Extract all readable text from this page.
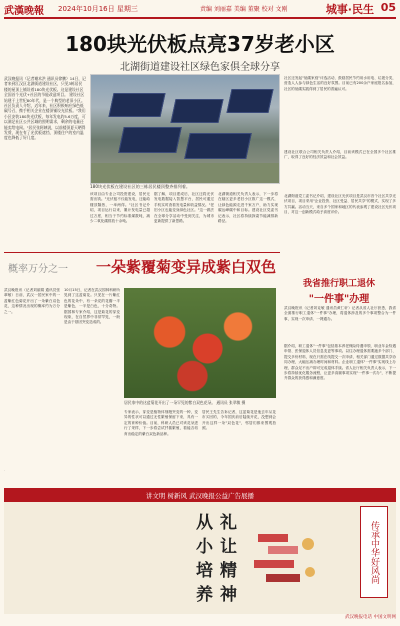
武漢晚報 2024年10月16日 星期三	责编 刘丽嘉 美编 董聚 校对 文刚	城事·民生 05
180块光伏板点亮37岁老小区
北湖街道建设社区绿色家俱全球分享
武汉晚报讯（记者谢术洪 通讯员徐鹏）14日，记者来到江汉区北湖街道建设社区，只见3栋居民楼的屋顶上铺设着180块光伏板。这是建设社区全国首个光伏+社区的节能改造项目。 建设社区始建于上世纪80年代，是一个典型的老旧小区。社区负责人介绍，近年来，社区积极响应绿色低碳号召，携手相关企业在楼顶铺设光伏板。"我们小区安装180块光伏板，每年发电约5.6万度，可以满足社区公共区域的照明需求，剩余的电量还能卖给电网。"居民张阿姨说，以前楼顶夏天晒得发烫，现在有了光伏板遮挡，顶楼住户的室内温度也降低了好几度。
180块光伏板在建设社区的三栋居民楼顶整齐排列着。
该项目由专业公司投资建设，居民无需出钱。"光伏板不仅能发电，还能给楼顶隔热，一举两得。"社区书记介绍，项目运行以来，累计发电量已超过万度，相当于节约标准煤数吨，减少二氧化碳排放十余吨。
据了解，项目建成后，社区还将光伏发电数据接入智慧平台，居民可通过手机实时查看发电量和收益情况。"老旧小区也能变身绿色社区。"这一做法在全球分享活动中受到关注，为城市更新提供了新思路。
北湖街道相关负责人表示，下一步将在辖区更多老旧小区推广这一模式，让绿色能源走进千家万户，助力实现碳达峰碳中和目标。建设社区党委书记表示，社区将持续探索节能减排新路径。
社区还发起"低碳家庭"评选活动，鼓励居民节约用水用电、垃圾分类，营造人人参与绿色生活的良好氛围。目前已有200余户家庭报名参加，社区的低碳实践得到了居民的普遍认可。
建设社区联合公司相关负责人介绍，目前该模式已在全国多个社区推广，取得了良好的经济效益和社会效益。
北湖街道党工委书记介绍，建设社区光伏项目是武汉市首个社区共享光伏项目，项目采用"企业投资、社区受益、居民共享"的模式，实现了多方共赢。活动当天，来自多个国家和地区的代表参观了建设社区光伏项目，对这一创新模式给予高度评价。
概率万分之一 一朵紫覆菊变异成紫白双色
武汉晚报讯（记者刘丽娟 通讯员张翠敏）日前，武汉一居民家中的一盆紫红色菊花开出了一朵紫白双色花，这种情况出现的概率约为万分之一。
10月15日，记者在武汉园林科研所见到了这盆菊花。只见在一片紫红色的花朵中，有一朵花的花瓣一半是紫色，一半是白色，十分奇特。据园林专家介绍，这是菊花的芽变现象，在自然界中非常罕见，一般是由于基因突变造成的。
居民家中的这盆菊花开出了一朵罕见的紫白双色花朵。 通讯员 张翠敏 摄
专家表示，芽变是植物体细胞突变的一种，变异的性状可以通过无性繁殖保留下来，具有一定的育种价值。目前，科研人员已对该花朵进行了采样，下一步将尝试扦插繁殖，看能否培育出稳定的紫白双色新品种。
居民王先生告诉记者，这盆菊花是他去年从花市买回的，今年国庆前后陆续开花，没想到会开出这样一朵"双色花"，邻居们都来围观拍照。
我省推行职工退休
"一件事"办理
武汉晚报讯（记者刘克敏 通讯员黄仁轩）记者从省人社厅获悉，我省全面推行职工退休"一件事"办理，将退休涉及的多个事项整合为一件事，实现一次申请、一网通办。
据介绍，职工退休"一件事"包括基本养老保险待遇申领、职业年金待遇申领、医保退休人员信息变更等事项。以往办理退休需要跑多个部门、提交多份材料，现在只需在线提交一次申请，相关部门通过数据共享协同办理，大幅压减办理时间和材料。企业职工退休"一件事"实现线上办理，群众足不出户即可完成退休手续。省人社厅相关负责人表示，下一步将持续优化服务流程，让更多高频事项实现"一件事一次办"，不断提升群众的获得感和满意度。
讲文明 树新风 武汉晚报公益广告展播
从
小
培
养
礼
让
精
神
传承中华好风尚
武汉晚报电话 中国文明网
